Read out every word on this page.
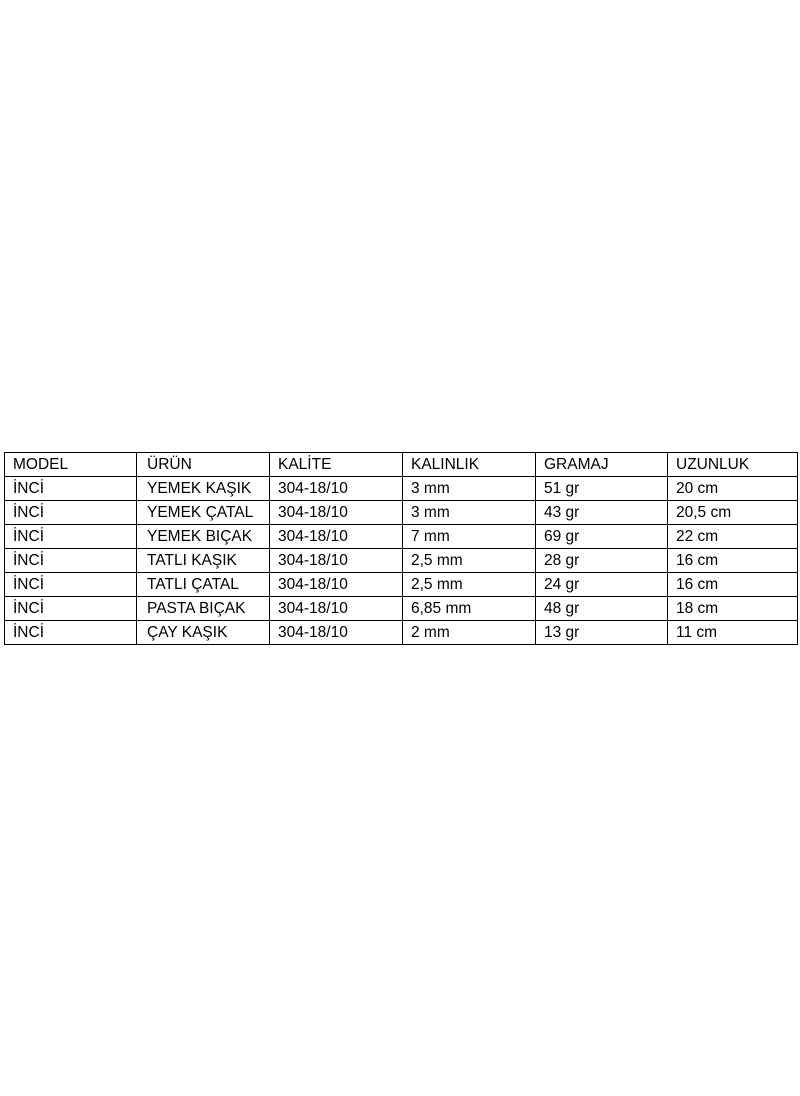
MODEL	ÜRÜN	KALİTE	KALINLIK	GRAMAJ	UZUNLUK
İNCİ	YEMEK KAŞIK	304-18/10	3 mm	51 gr	20 cm
İNCİ	YEMEK ÇATAL	304-18/10	3 mm	43 gr	20,5 cm
İNCİ	YEMEK BIÇAK	304-18/10	7 mm	69 gr	22 cm
İNCİ	TATLI KAŞIK	304-18/10	2,5 mm	28 gr	16 cm
İNCİ	TATLI ÇATAL	304-18/10	2,5 mm	24 gr	16 cm
İNCİ	PASTA BIÇAK	304-18/10	6,85 mm	48 gr	18 cm
İNCİ	ÇAY KAŞIK	304-18/10	2 mm	13 gr	11 cm
